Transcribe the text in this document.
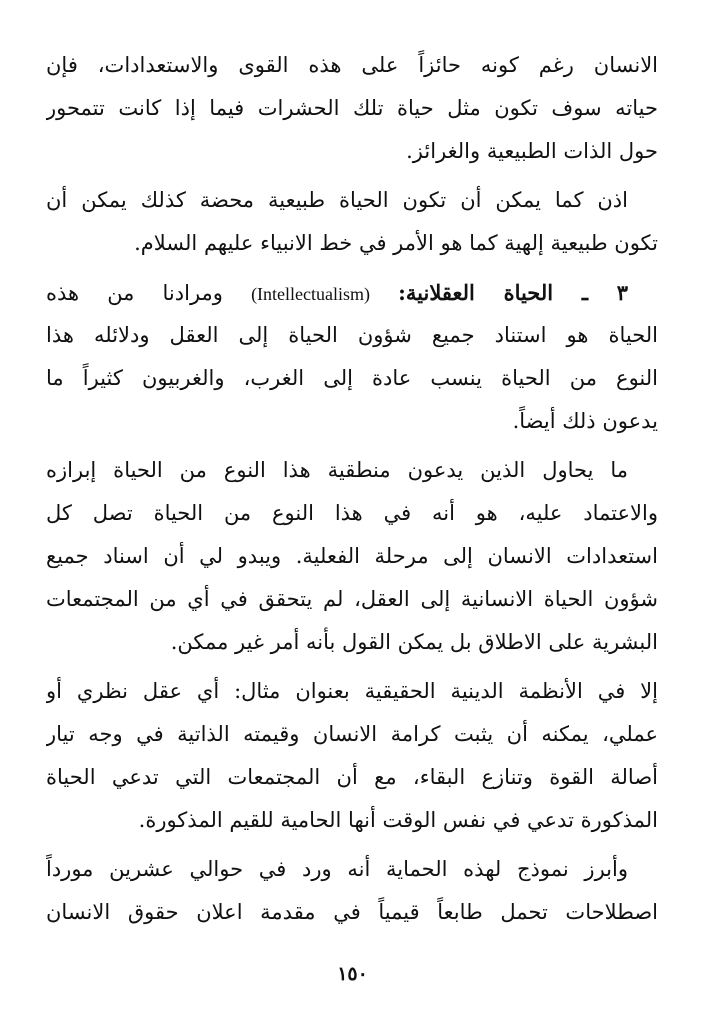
الانسان رغم كونه حائزاً على هذه القوى والاستعدادات، فإن
حياته سوف تكون مثل حياة تلك الحشرات فيما إذا كانت تتمحور
حول الذات الطبيعية والغرائز.
اذن كما يمكن أن تكون الحياة طبيعية محضة كذلك يمكن أن
تكون طبيعية إلهية كما هو الأمر في خط الانبياء عليهم السلام.
٣ ـ الحياة العقلانية: (Intellectualism) ومرادنا من هذه
الحياة هو استناد جميع شؤون الحياة إلى العقل ودلائله هذا
النوع من الحياة ينسب عادة إلى الغرب، والغربيون كثيراً ما
يدعون ذلك أيضاً.
ما يحاول الذين يدعون منطقية هذا النوع من الحياة إبرازه
والاعتماد عليه، هو أنه في هذا النوع من الحياة تصل كل
استعدادات الانسان إلى مرحلة الفعلية. ويبدو لي أن اسناد جميع
شؤون الحياة الانسانية إلى العقل، لم يتحقق في أي من المجتمعات
البشرية على الاطلاق بل يمكن القول بأنه أمر غير ممكن.
إلا في الأنظمة الدينية الحقيقية بعنوان مثال: أي عقل نظري أو
عملي، يمكنه أن يثبت كرامة الانسان وقيمته الذاتية في وجه تيار
أصالة القوة وتنازع البقاء، مع أن المجتمعات التي تدعي الحياة
المذكورة تدعي في نفس الوقت أنها الحامية للقيم المذكورة.
وأبرز نموذج لهذه الحماية أنه ورد في حوالي عشرين مورداً
اصطلاحات تحمل طابعاً قيمياً في مقدمة اعلان حقوق الانسان
١٥٠
